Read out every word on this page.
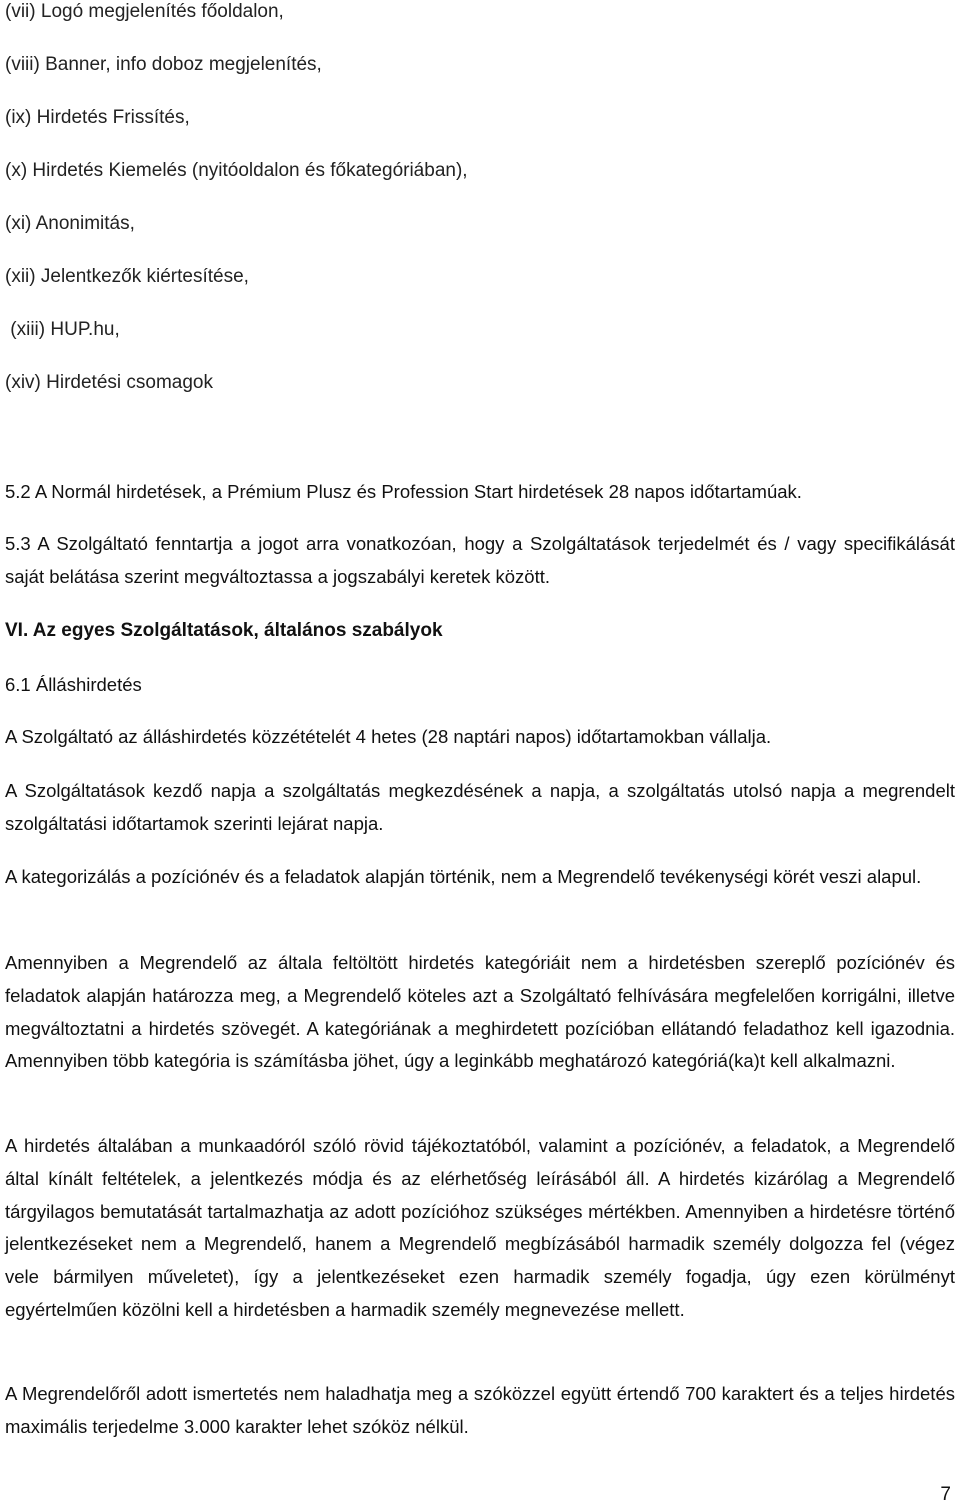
(vii) Logó megjelenítés főoldalon,
(viii) Banner, info doboz megjelenítés,
(ix) Hirdetés Frissítés,
(x) Hirdetés Kiemelés (nyitóoldalon és főkategóriában),
(xi) Anonimitás,
(xii) Jelentkezők kiértesítése,
(xiii) HUP.hu,
(xiv) Hirdetési csomagok
5.2 A Normál hirdetések, a Prémium Plusz és Profession Start hirdetések 28 napos időtartamúak.
5.3 A Szolgáltató fenntartja a jogot arra vonatkozóan, hogy a Szolgáltatások terjedelmét és / vagy specifikálását saját belátása szerint megváltoztassa a jogszabályi keretek között.
VI. Az egyes Szolgáltatások, általános szabályok
6.1 Álláshirdetés
A Szolgáltató az álláshirdetés közzétételét 4 hetes (28 naptári napos) időtartamokban vállalja.
A Szolgáltatások kezdő napja a szolgáltatás megkezdésének a napja, a szolgáltatás utolsó napja a megrendelt szolgáltatási időtartamok szerinti lejárat napja.
A kategorizálás a pozíciónév és a feladatok alapján történik, nem a Megrendelő tevékenységi körét veszi alapul.
Amennyiben a Megrendelő az általa feltöltött hirdetés kategóriáit nem a hirdetésben szereplő pozíciónév és feladatok alapján határozza meg, a Megrendelő köteles azt a Szolgáltató felhívására megfelelően korrigálni, illetve megváltoztatni a hirdetés szövegét. A kategóriának a meghirdetett pozícióban ellátandó feladathoz kell igazodnia. Amennyiben több kategória is számításba jöhet, úgy a leginkább meghatározó kategóriá(ka)t kell alkalmazni.
A hirdetés általában a munkaadóról szóló rövid tájékoztatóból, valamint a pozíciónév, a feladatok, a Megrendelő által kínált feltételek, a jelentkezés módja és az elérhetőség leírásából áll. A hirdetés kizárólag a Megrendelő tárgyilagos bemutatását tartalmazhatja az adott pozícióhoz szükséges mértékben. Amennyiben a hirdetésre történő jelentkezéseket nem a Megrendelő, hanem a Megrendelő megbízásából harmadik személy dolgozza fel (végez vele bármilyen műveletet), így a jelentkezéseket ezen harmadik személy fogadja, úgy ezen körülményt egyértelműen közölni kell a hirdetésben a harmadik személy megnevezése mellett.
A Megrendelőről adott ismertetés nem haladhatja meg a szóközzel együtt értendő 700 karaktert és a teljes hirdetés maximális terjedelme 3.000 karakter lehet szóköz nélkül.
7
